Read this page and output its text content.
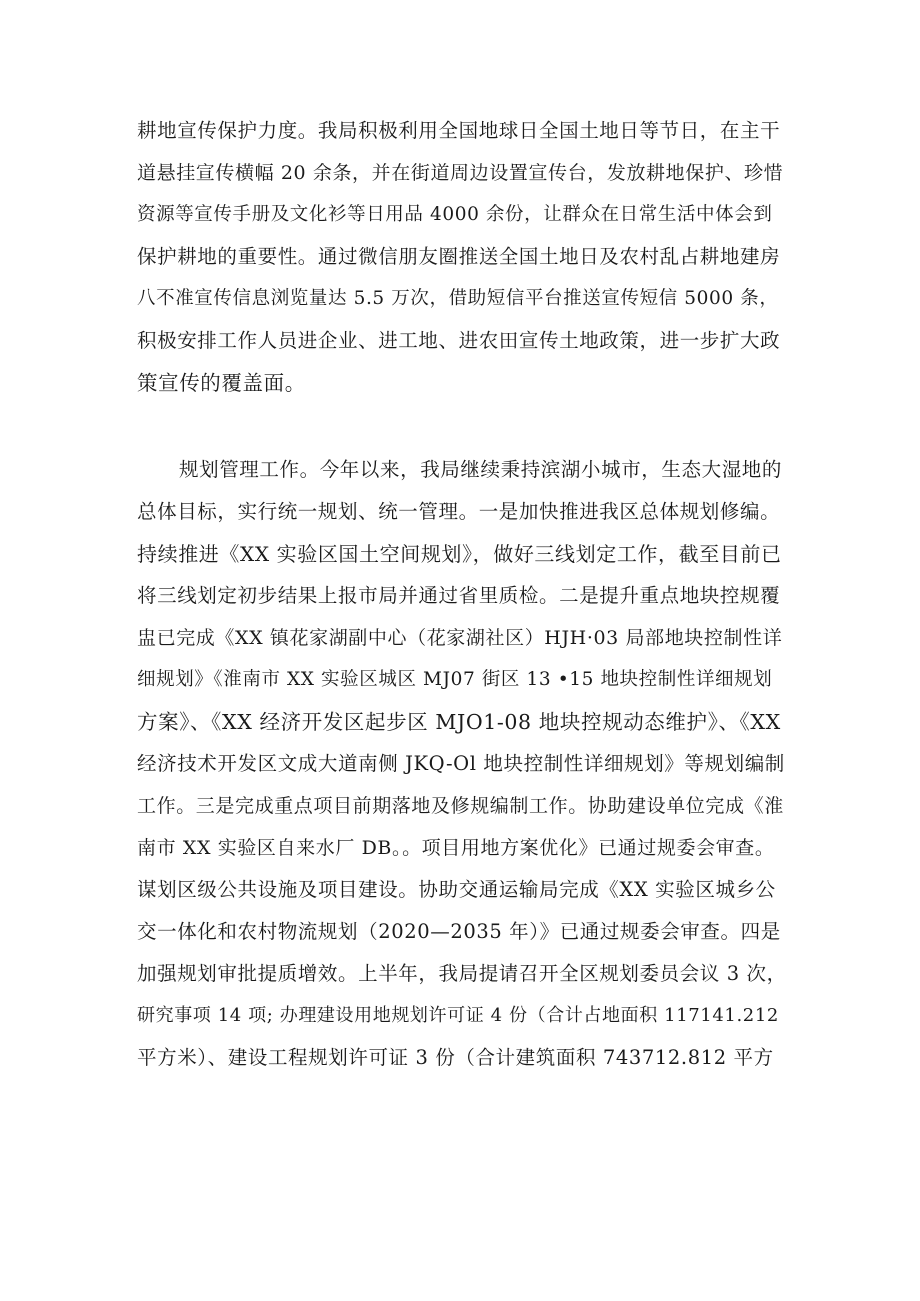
耕地宣传保护力度。我局积极利用全国地球日全国土地日等节日，在主干
道悬挂宣传横幅 20 余条，并在街道周边设置宣传台，发放耕地保护、珍惜
资源等宣传手册及文化衫等日用品 4000 余份，让群众在日常生活中体会到
保护耕地的重要性。通过微信朋友圈推送全国土地日及农村乱占耕地建房
八不准宣传信息浏览量达 5.5 万次，借助短信平台推送宣传短信 5000 条，
积极安排工作人员进企业、进工地、进农田宣传土地政策，进一步扩大政
策宣传的覆盖面。
规划管理工作。今年以来，我局继续秉持滨湖小城市，生态大湿地的
总体目标，实行统一规划、统一管理。一是加快推进我区总体规划修编。
持续推进《XX 实验区国土空间规划》，做好三线划定工作，截至目前已
将三线划定初步结果上报市局并通过省里质检。二是提升重点地块控规覆
盅已完成《XX 镇花家湖副中心（花家湖社区）HJH·03 局部地块控制性详
细规划》《淮南市 XX 实验区城区 MJ07 街区 13 •15 地块控制性详细规划
方案》、《XX 经济开发区起步区 MJO1-08 地块控规动态维护》、《XX
经济技术开发区文成大道南侧 JKQ-Ol 地块控制性详细规划》等规划编制
工作。三是完成重点项目前期落地及修规编制工作。协助建设单位完成《淮
南市 XX 实验区自来水厂 DB。。项目用地方案优化》已通过规委会审查。
谋划区级公共设施及项目建设。协助交通运输局完成《XX 实验区城乡公
交一体化和农村物流规划（2020—2035 年）》已通过规委会审查。四是
加强规划审批提质增效。上半年，我局提请召开全区规划委员会议 3 次，
研究事项 14 项; 办理建设用地规划许可证 4 份（合计占地面积 117141.212
平方米）、建设工程规划许可证 3 份（合计建筑面积 743712.812 平方
